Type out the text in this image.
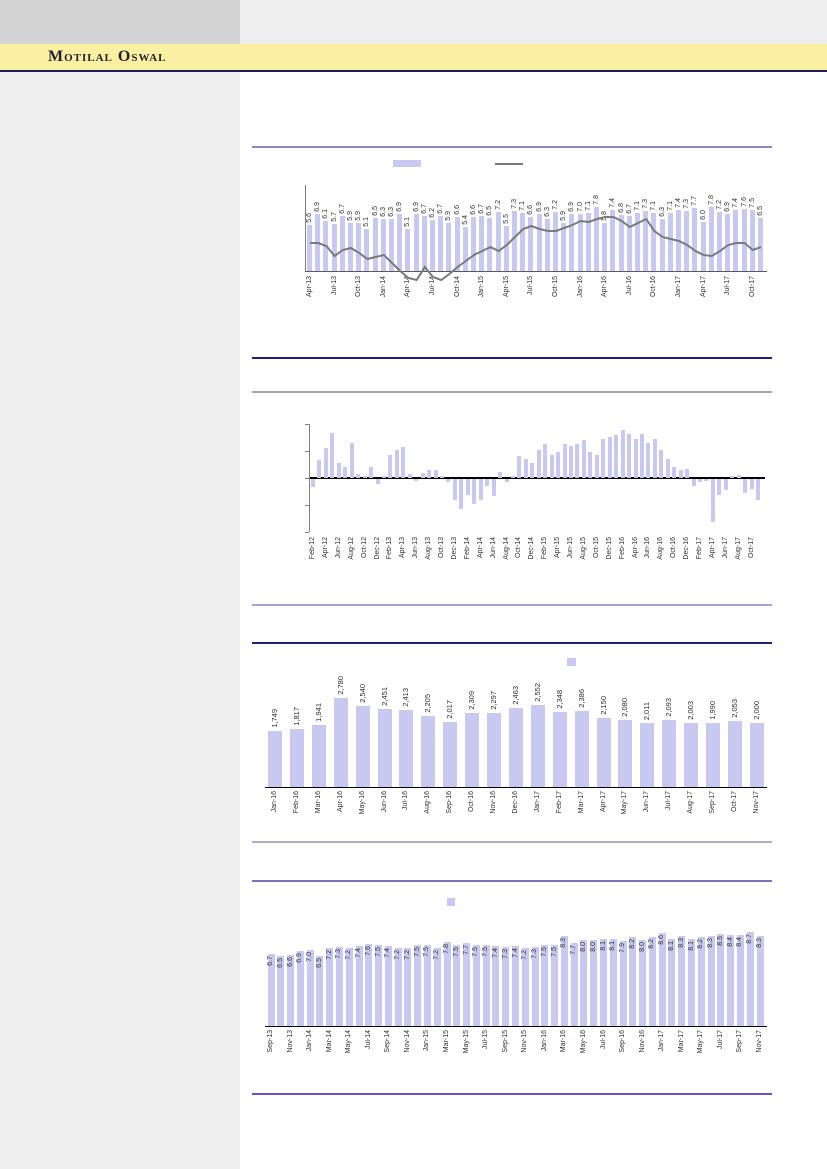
Motilal Oswal
5.6
6.9
6.1 5.7
6.7
5.9 5.9
5.1
6.5 6.3 6.3
6.9
5.1
6.9 6.7 6.2 6.7
5.9
6.6
5.4
6.6 6.7 6.5
7.2
5.5
7.3 7.1 6.6 6.9
6.3
7.2
5.9
6.9 7.0 7.1
7.8
5.8
7.4
6.8 6.7 7.1 7.3 7.1
6.3
7.1 7.4 7.3 7.7
6.0
7.8
7.2 6.9 7.4 7.6 7.5
6.5
Apr-13	Jul-13	Oct-13	Jan-14	Apr-14	Jul-14	Oct-14	Jan-15	Apr-15	Jul-15	Oct-15	Jan-16	Apr-16	Jul-16	Oct-16	Jan-17	Apr-17	Jul-17	Oct-17
Feb-12 Apr-12 Jun-12 Aug-12 Oct-12 Dec-12 Feb-13 Apr-13 Jun-13 Aug-13 Oct-13 Dec-13 Feb-14 Apr-14 Jun-14 Aug-14 Oct-14 Dec-14 Feb-15 Apr-15 Jun-15 Aug-15 Oct-15 Dec-15 Feb-16 Apr-16 Jun-16 Aug-16 Oct-16 Dec-16 Feb-17 Apr-17 Jun-17 Aug-17 Oct-17
1,749
Jan-16
1,817
Feb-16
1,941
Mar-16
2,780
Apr-16
2,540
May-16
2,451
Jun-16
2,413
Jul-16
2,205
Aug-16
2,017
Sep-16
2,309
Oct-16
2,297
Nov-16
2,463
Dec-16
2,552
Jan-17
2,348
Feb-17
2,386
Mar-17
2,150
Apr-17
2,080
May-17
2,011
Jun-17
2,093
Jul-17
2,003
Aug-17
1,990
Sep-17
2,053
Oct-17
2,000
Nov-17
6.7 6.5 6.6 6.9 7.0
6.5
7.2 7.3 7.2 7.4 7.6 7.5 7.4 7.2 7.2 7.5 7.5 7.2
7.8 7.5 7.7 7.5 7.5 7.4 7.3 7.4 7.2 7.3 7.5 7.5
8.3
7.7 8.0 8.0 8.1 8.1 7.9 8.2 8.0 8.2 8.6
8.1 8.3 8.1 8.2 8.3 8.5 8.4 8.4 8.7 8.3
Sep-13 Nov-13 Jan-14 Mar-14 May-14 Jul-14 Sep-14 Nov-14 Jan-15 Mar-15 May-15 Jul-15 Sep-15 Nov-15 Jan-16 Mar-16 May-16 Jul-16 Sep-16 Nov-16 Jan-17 Mar-17 May-17 Jul-17 Sep-17 Nov-17
